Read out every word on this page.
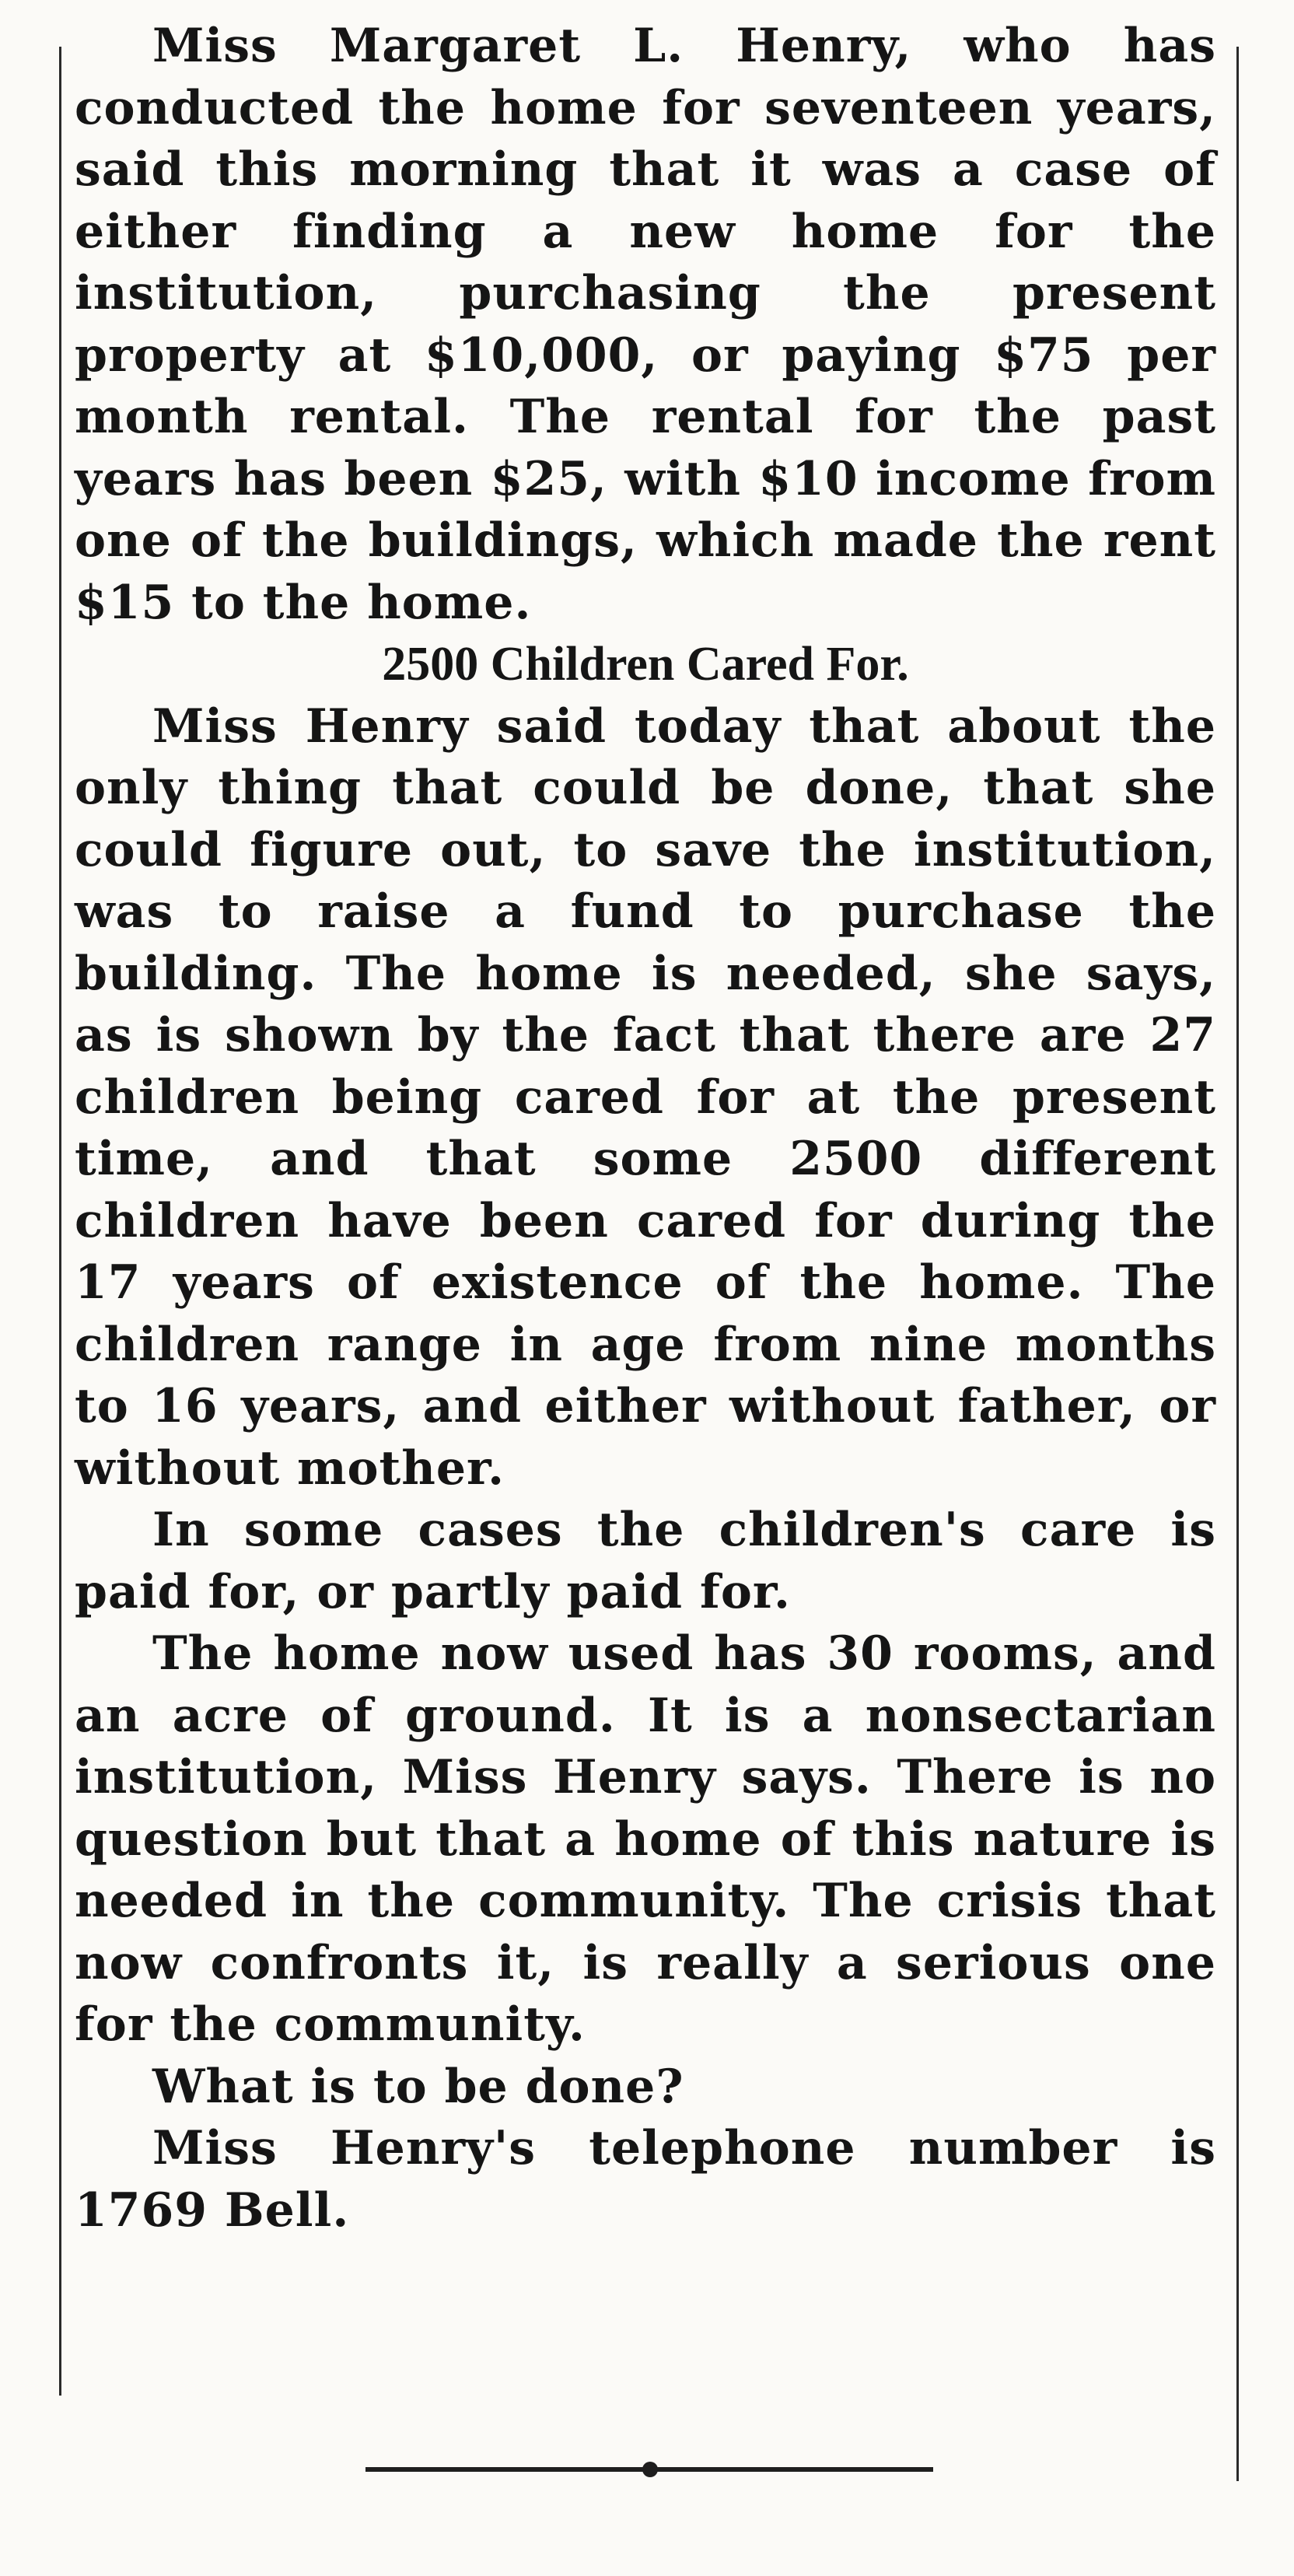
Miss Margaret L. Henry, who has conducted the home for seventeen years, said this morning that it was a case of either finding a new home for the institution, purchasing the present property at $10,000, or paying $75 per month rental. The rental for the past years has been $25, with $10 income from one of the buildings, which made the rent $15 to the home.

2500 Children Cared For.

Miss Henry said today that about the only thing that could be done, that she could figure out, to save the institution, was to raise a fund to purchase the building. The home is needed, she says, as is shown by the fact that there are 27 children being cared for at the present time, and that some 2500 different children have been cared for during the 17 years of existence of the home. The children range in age from nine months to 16 years, and either without father, or without mother.

In some cases the children's care is paid for, or partly paid for.

The home now used has 30 rooms, and an acre of ground. It is a nonsectarian institution, Miss Henry says. There is no question but that a home of this nature is needed in the community. The crisis that now confronts it, is really a serious one for the community.

What is to be done?

Miss Henry's telephone number is 1769 Bell.
